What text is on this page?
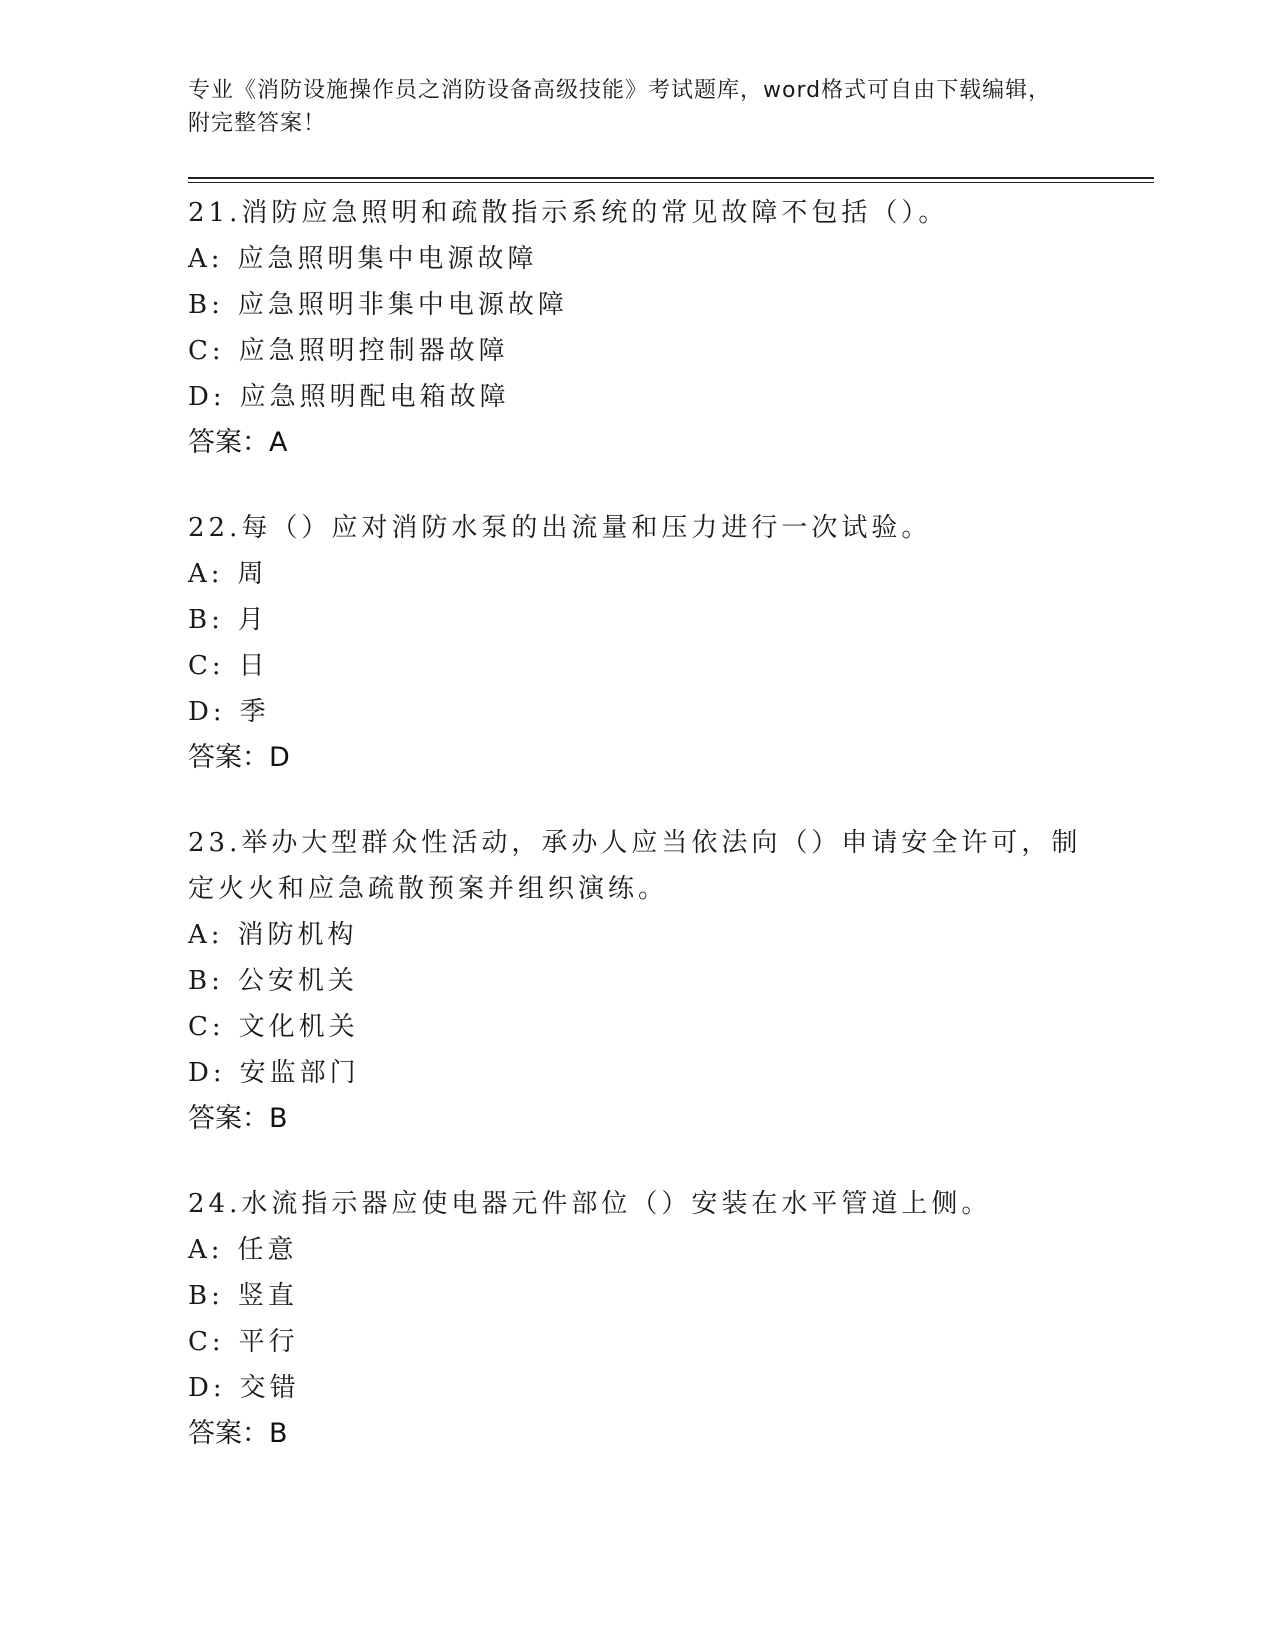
专业《消防设施操作员之消防设备高级技能》考试题库，word格式可自由下载编辑，附完整答案！
21.消防应急照明和疏散指示系统的常见故障不包括（）。
A: 应急照明集中电源故障
B: 应急照明非集中电源故障
C: 应急照明控制器故障
D: 应急照明配电箱故障
答案：A
22.每（）应对消防水泵的出流量和压力进行一次试验。
A: 周
B: 月
C: 日
D: 季
答案：D
23.举办大型群众性活动，承办人应当依法向（）申请安全许可，制定火火和应急疏散预案并组织演练。
A: 消防机构
B: 公安机关
C: 文化机关
D: 安监部门
答案：B
24.水流指示器应使电器元件部位（）安装在水平管道上侧。
A: 任意
B: 竖直
C: 平行
D: 交错
答案：B
